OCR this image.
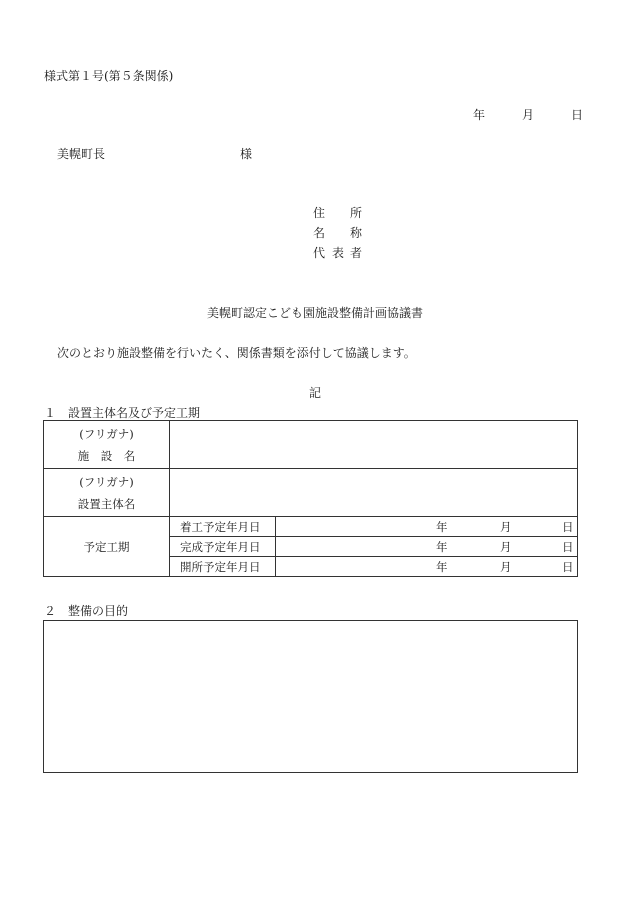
様式第１号(第５条関係)
年	月	日
美幌町長	様
住 所
名 称
代 表 者
美幌町認定こども園施設整備計画協議書
次のとおり施設整備を行いたく、関係書類を添付して協議します。
記
１　設置主体名及び予定工期
(フリガナ)
施  設  名		

(フリガナ)
設置主体名		

予定工期	着工予定年月日	年 月 日

	完成予定年月日	年 月 日

	開所予定年月日	年 月 日
２　整備の目的
